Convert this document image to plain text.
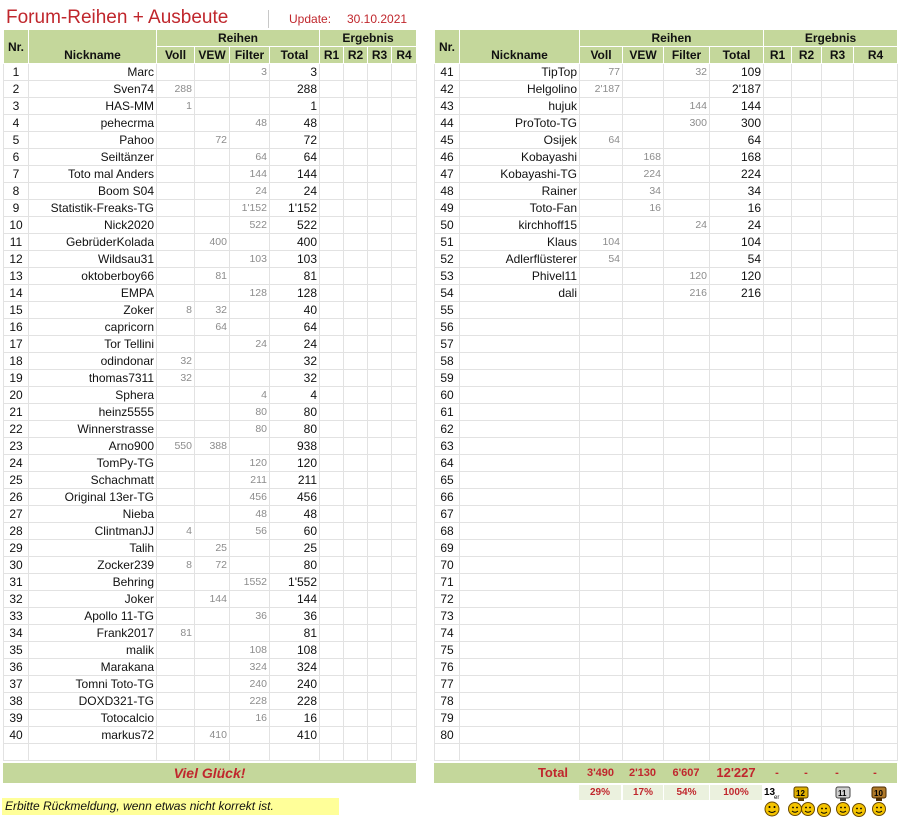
Forum-Reihen + Ausbeute	Update: 30.10.2021
Nr.	Nickname	Reihen				Ergebnis			
		Voll	VEW	Filter	Total	R1	R2	R3	R4
1	Marc			3	3				
2	Sven74	288			288				
3	HAS-MM	1			1				
4	pehecrma			48	48				
5	Pahoo		72		72				
6	Seiltänzer			64	64				
7	Toto mal Anders			144	144				
8	Boom S04			24	24				
9	Statistik-Freaks-TG			1'152	1'152				
10	Nick2020			522	522				
11	GebrüderKolada		400		400				
12	Wildsau31			103	103				
13	oktoberboy66		81		81				
14	EMPA			128	128				
15	Zoker	8	32		40				
16	capricorn		64		64				
17	Tor Tellini			24	24				
18	odindonar	32			32				
19	thomas7311	32			32				
20	Sphera			4	4				
21	heinz5555			80	80				
22	Winnerstrasse			80	80				
23	Arno900	550	388		938				
24	TomPy-TG			120	120				
25	Schachmatt			211	211				
26	Original 13er-TG			456	456				
27	Nieba			48	48				
28	ClintmanJJ	4		56	60				
29	Talih		25		25				
30	Zocker239	8	72		80				
31	Behring			1552	1'552				
32	Joker		144		144				
33	Apollo 11-TG			36	36				
34	Frank2017	81			81				
35	malik			108	108				
36	Marakana			324	324				
37	Tomni Toto-TG			240	240				
38	DOXD321-TG			228	228				
39	Totocalcio			16	16				
40	markus72		410		410				

Nr.	Nickname	Reihen				Ergebnis			
		Voll	VEW	Filter	Total	R1	R2	R3	R4
41	TipTop	77		32	109				
42	Helgolino	2'187			2'187				
43	hujuk			144	144				
44	ProToto-TG			300	300				
45	Osijek	64			64				
46	Kobayashi		168		168				
47	Kobayashi-TG		224		224				
48	Rainer		34		34				
49	Toto-Fan		16		16				
50	kirchhoff15			24	24				
51	Klaus	104			104				
52	Adlerflüsterer	54			54				
53	Phivel11			120	120				
54	dali			216	216				
55									
56									
57									
58									
59									
60									
61									
62									
63									
64									
65									
66									
67									
68									
69									
70									
71									
72									
73									
74									
75									
76									
77									
78									
79									
80									

Viel Glück!	Total	3'490	2'130	6'607	12'227	-	-	-	-
29%	17%	54%	100%
Erbitte Rückmeldung, wenn etwas nicht korrekt ist.
13
er 12	11	10
